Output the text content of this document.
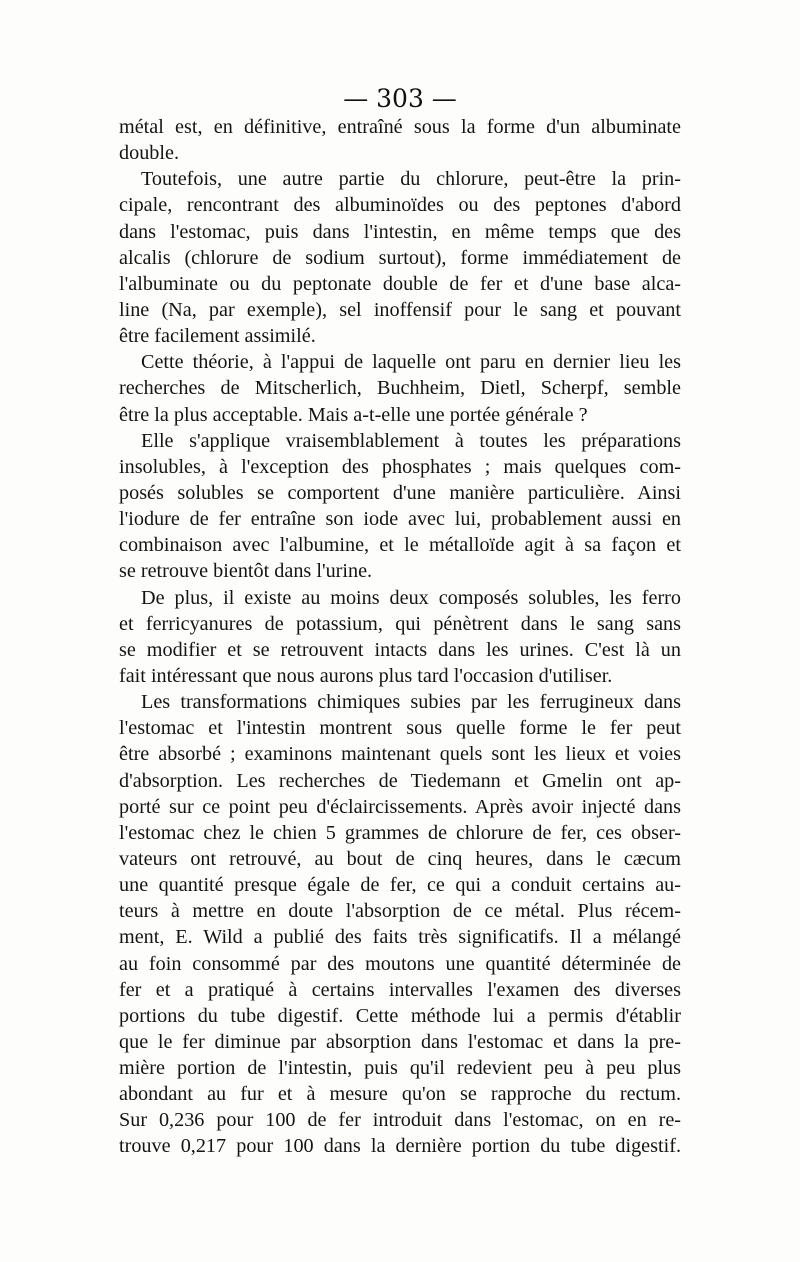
— 303 —
métal est, en définitive, entraîné sous la forme d'un albuminate
double.
Toutefois, une autre partie du chlorure, peut-être la prin-
cipale, rencontrant des albuminoïdes ou des peptones d'abord
dans l'estomac, puis dans l'intestin, en même temps que des
alcalis (chlorure de sodium surtout), forme immédiatement de
l'albuminate ou du peptonate double de fer et d'une base alca-
line (Na, par exemple), sel inoffensif pour le sang et pouvant
être facilement assimilé.
Cette théorie, à l'appui de laquelle ont paru en dernier lieu les
recherches de Mitscherlich, Buchheim, Dietl, Scherpf, semble
être la plus acceptable. Mais a-t-elle une portée générale ?
Elle s'applique vraisemblablement à toutes les préparations
insolubles, à l'exception des phosphates ; mais quelques com-
posés solubles se comportent d'une manière particulière. Ainsi
l'iodure de fer entraîne son iode avec lui, probablement aussi en
combinaison avec l'albumine, et le métalloïde agit à sa façon et
se retrouve bientôt dans l'urine.
De plus, il existe au moins deux composés solubles, les ferro
et ferricyanures de potassium, qui pénètrent dans le sang sans
se modifier et se retrouvent intacts dans les urines. C'est là un
fait intéressant que nous aurons plus tard l'occasion d'utiliser.
Les transformations chimiques subies par les ferrugineux dans
l'estomac et l'intestin montrent sous quelle forme le fer peut
être absorbé ; examinons maintenant quels sont les lieux et voies
d'absorption. Les recherches de Tiedemann et Gmelin ont ap-
porté sur ce point peu d'éclaircissements. Après avoir injecté dans
l'estomac chez le chien 5 grammes de chlorure de fer, ces obser-
vateurs ont retrouvé, au bout de cinq heures, dans le cæcum
une quantité presque égale de fer, ce qui a conduit certains au-
teurs à mettre en doute l'absorption de ce métal. Plus récem-
ment, E. Wild a publié des faits très significatifs. Il a mélangé
au foin consommé par des moutons une quantité déterminée de
fer et a pratiqué à certains intervalles l'examen des diverses
portions du tube digestif. Cette méthode lui a permis d'établir
que le fer diminue par absorption dans l'estomac et dans la pre-
mière portion de l'intestin, puis qu'il redevient peu à peu plus
abondant au fur et à mesure qu'on se rapproche du rectum.
Sur 0,236 pour 100 de fer introduit dans l'estomac, on en re-
trouve 0,217 pour 100 dans la dernière portion du tube digestif.
